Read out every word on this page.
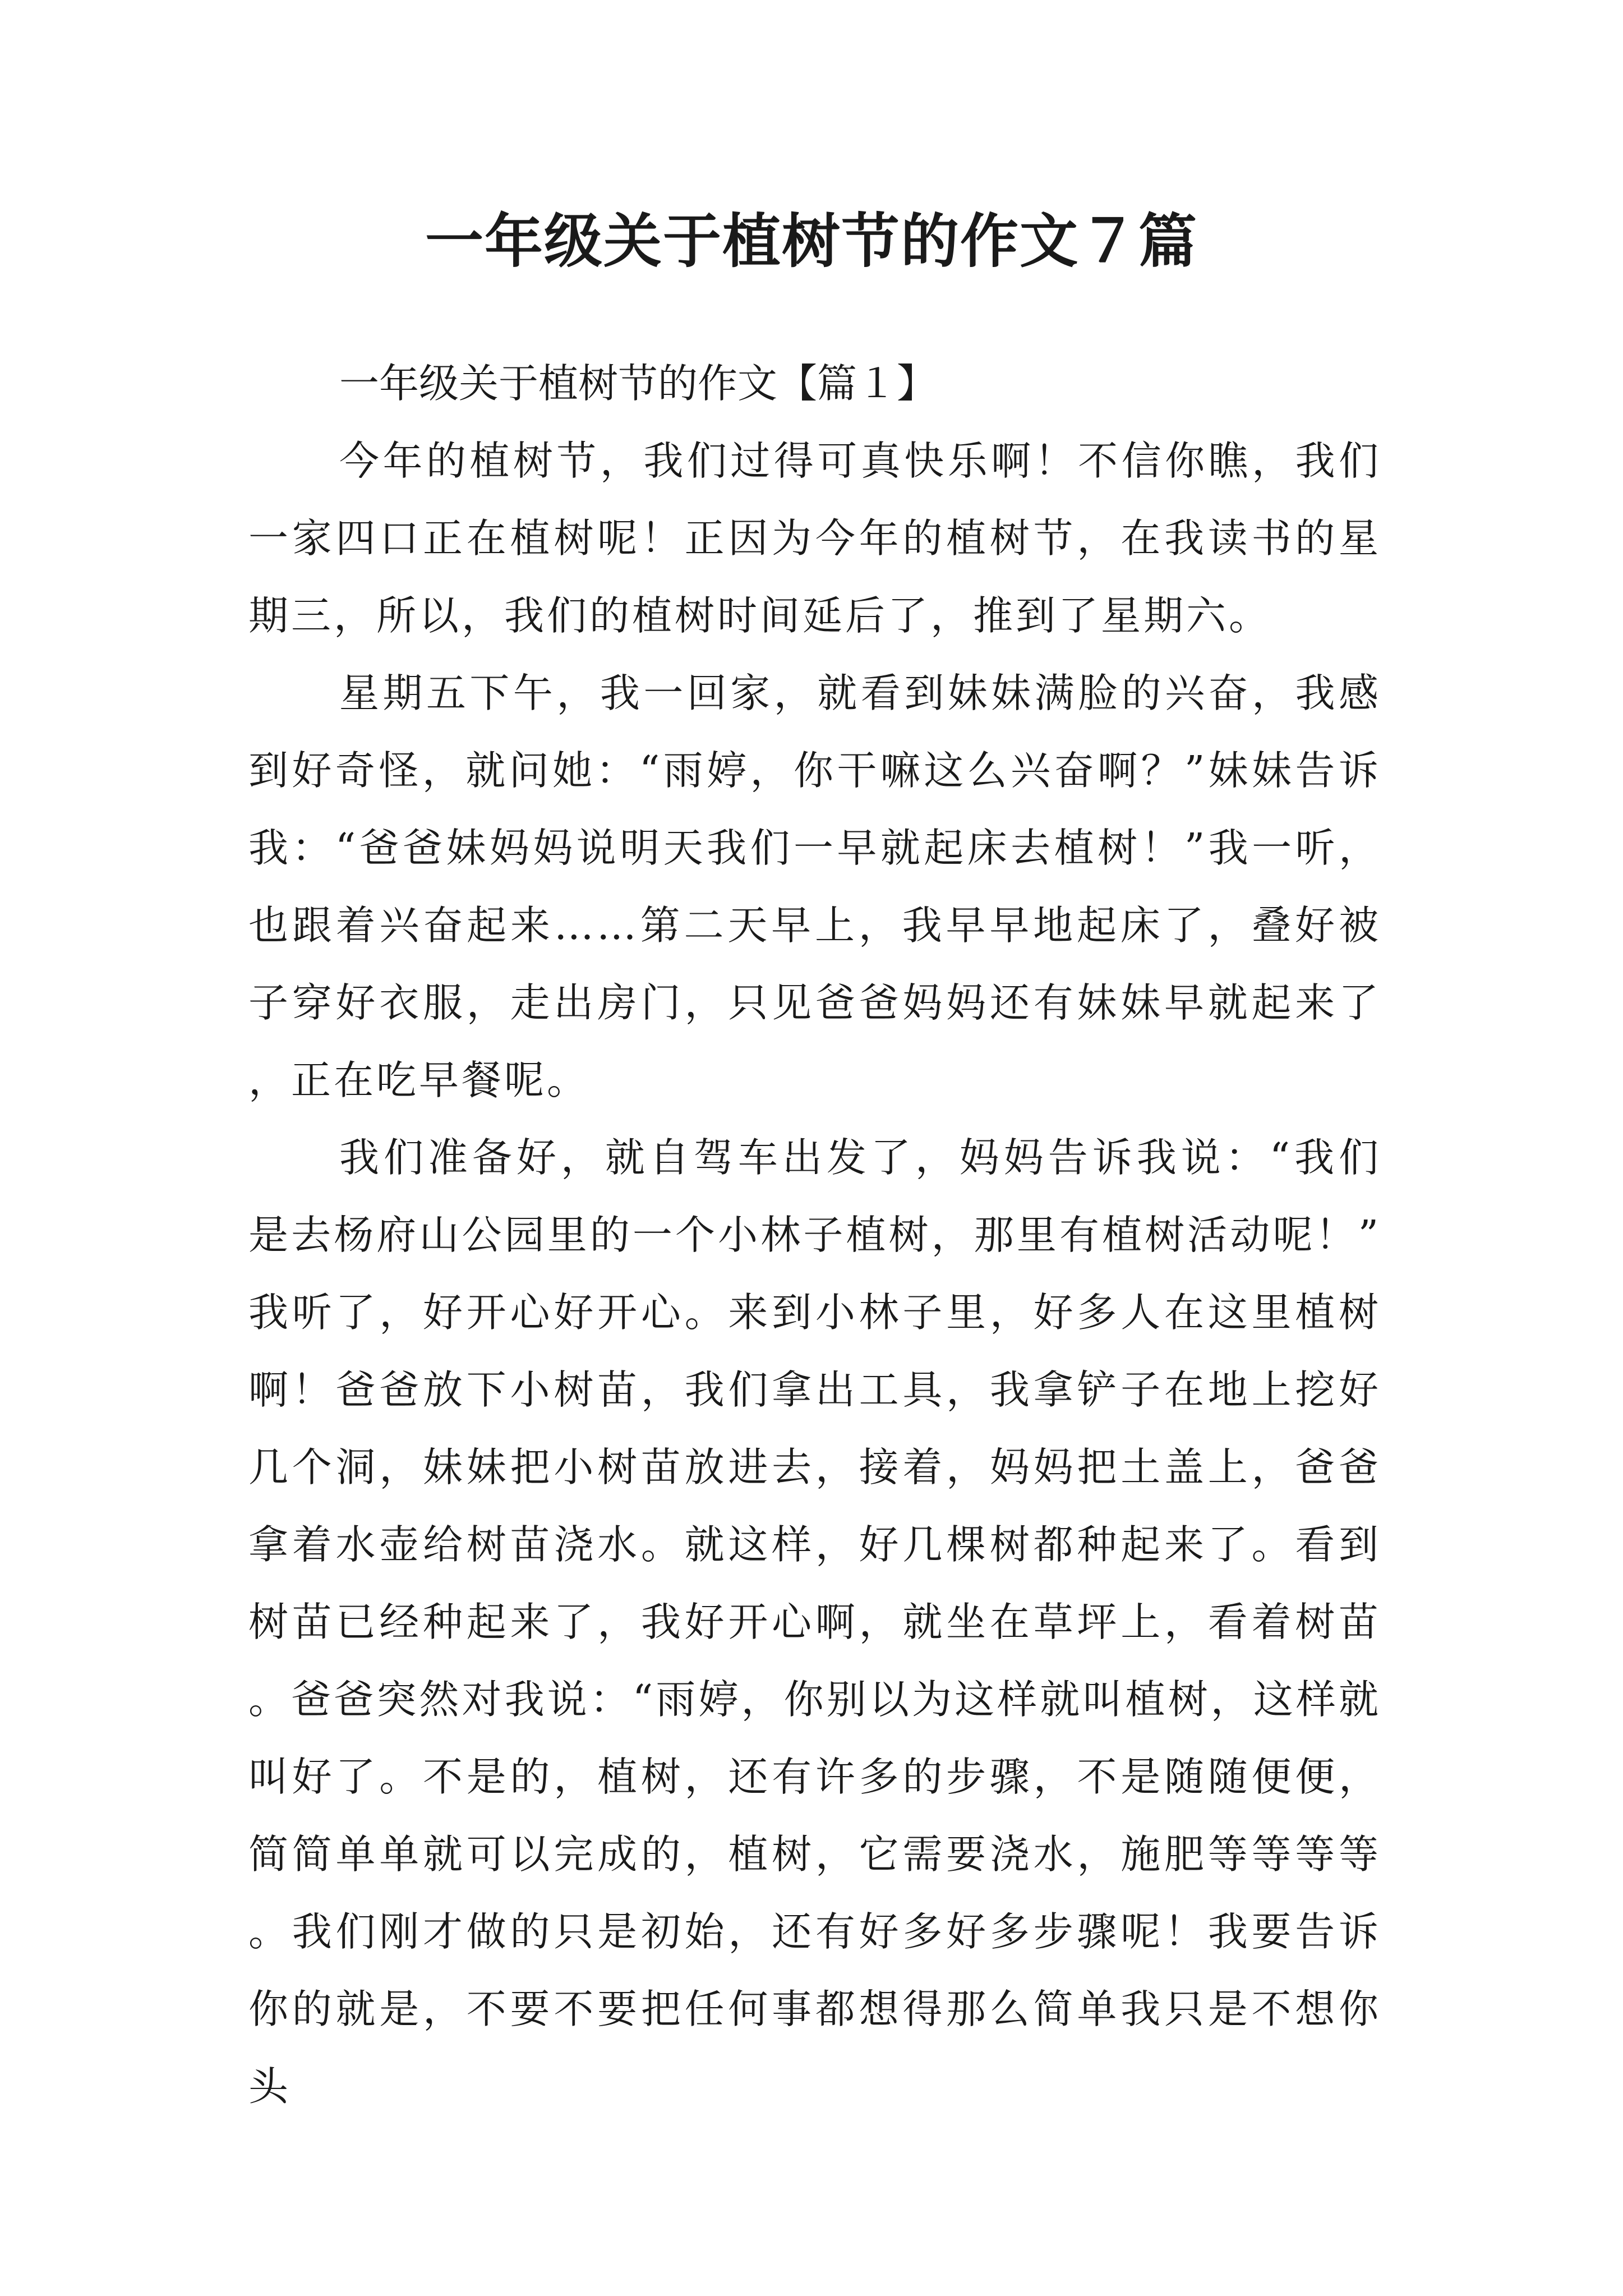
一年级关于植树节的作文７篇

一年级关于植树节的作文【篇１】

今年的植树节，我们过得可真快乐啊！不信你瞧，我们一家四口正在植树呢！正因为今年的植树节，在我读书的星期三，所以，我们的植树时间延后了，推到了星期六。

星期五下午，我一回家，就看到妹妹满脸的兴奋，我感到好奇怪，就问她：“雨婷，你干嘛这么兴奋啊？”妹妹告诉我：“爸爸妹妈妈说明天我们一早就起床去植树！”我一听，也跟着兴奋起来……第二天早上，我早早地起床了，叠好被子穿好衣服，走出房门，只见爸爸妈妈还有妹妹早就起来了，正在吃早餐呢。

我们准备好，就自驾车出发了，妈妈告诉我说：“我们是去杨府山公园里的一个小林子植树，那里有植树活动呢！”我听了，好开心好开心。来到小林子里，好多人在这里植树啊！爸爸放下小树苗，我们拿出工具，我拿铲子在地上挖好几个洞，妹妹把小树苗放进去，接着，妈妈把土盖上，爸爸拿着水壶给树苗浇水。就这样，好几棵树都种起来了。看到树苗已经种起来了，我好开心啊，就坐在草坪上，看着树苗。爸爸突然对我说：“雨婷，你别以为这样就叫植树，这样就叫好了。不是的，植树，还有许多的步骤，不是随随便便，简简单单就可以完成的，植树，它需要浇水，施肥等等等等。我们刚才做的只是初始，还有好多好多步骤呢！我要告诉你的就是，不要不要把任何事都想得那么简单我只是不想你头
